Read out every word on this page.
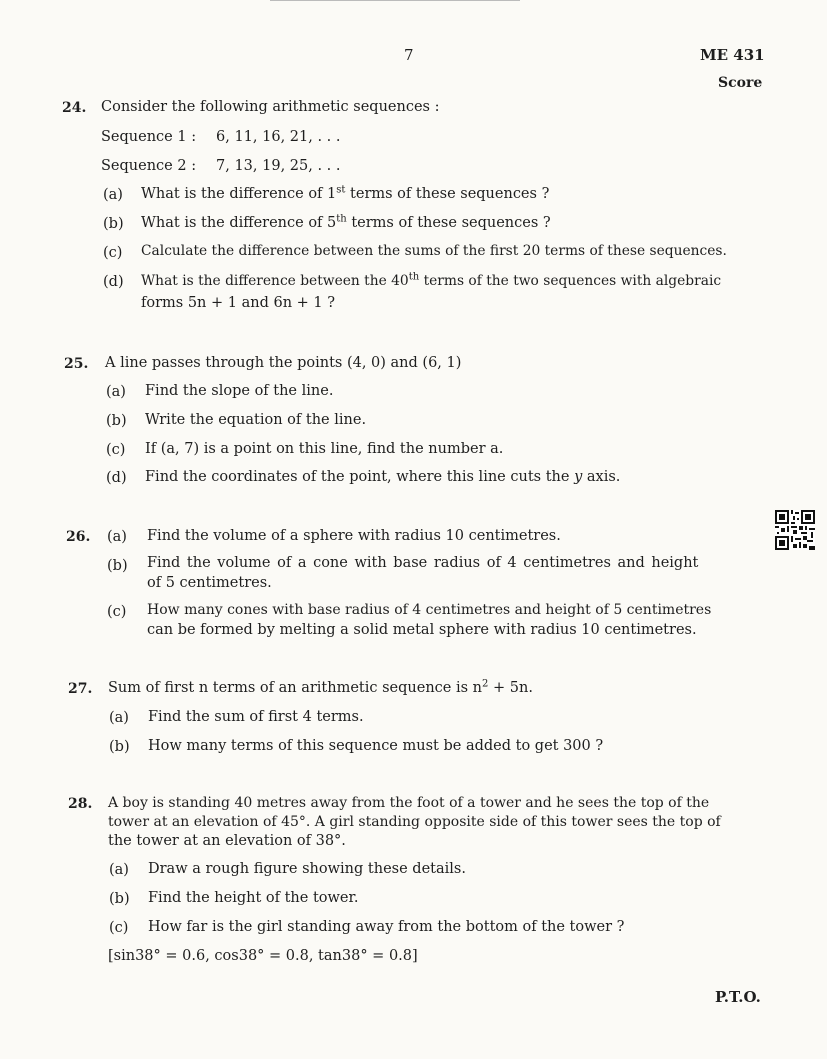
7	ME 431
Score
24. Consider the following arithmetic sequences :
Sequence 1 : 6, 11, 16, 21, . . .
Sequence 2 : 7, 13, 19, 25, . . .
(a) What is the difference of 1st terms of these sequences ?
(b) What is the difference of 5th terms of these sequences ?
(c) Calculate the difference between the sums of the first 20 terms of these sequences.
(d) What is the difference between the 40th terms of the two sequences with algebraic
forms 5n + 1 and 6n + 1 ?
25. A line passes through the points (4, 0) and (6, 1)
(a) Find the slope of the line.
(b) Write the equation of the line.
(c) If (a, 7) is a point on this line, find the number a.
(d) Find the coordinates of the point, where this line cuts the y axis.
26. (a) Find the volume of a sphere with radius 10 centimetres.
(b) Find the volume of a cone with base radius of 4 centimetres and height
of 5 centimetres.
(c) How many cones with base radius of 4 centimetres and height of 5 centimetres
can be formed by melting a solid metal sphere with radius 10 centimetres.
27. Sum of first n terms of an arithmetic sequence is $n^2 + 5n$.
(a) Find the sum of first 4 terms.
(b) How many terms of this sequence must be added to get 300 ?
28. A boy is standing 40 metres away from the foot of a tower and he sees the top of the
tower at an elevation of 45°. A girl standing opposite side of this tower sees the top of
the tower at an elevation of 38°.
(a) Draw a rough figure showing these details.
(b) Find the height of the tower.
(c) How far is the girl standing away from the bottom of the tower ?
[sin38° = 0.6, cos38° = 0.8, tan38° = 0.8]
P.T.O.
